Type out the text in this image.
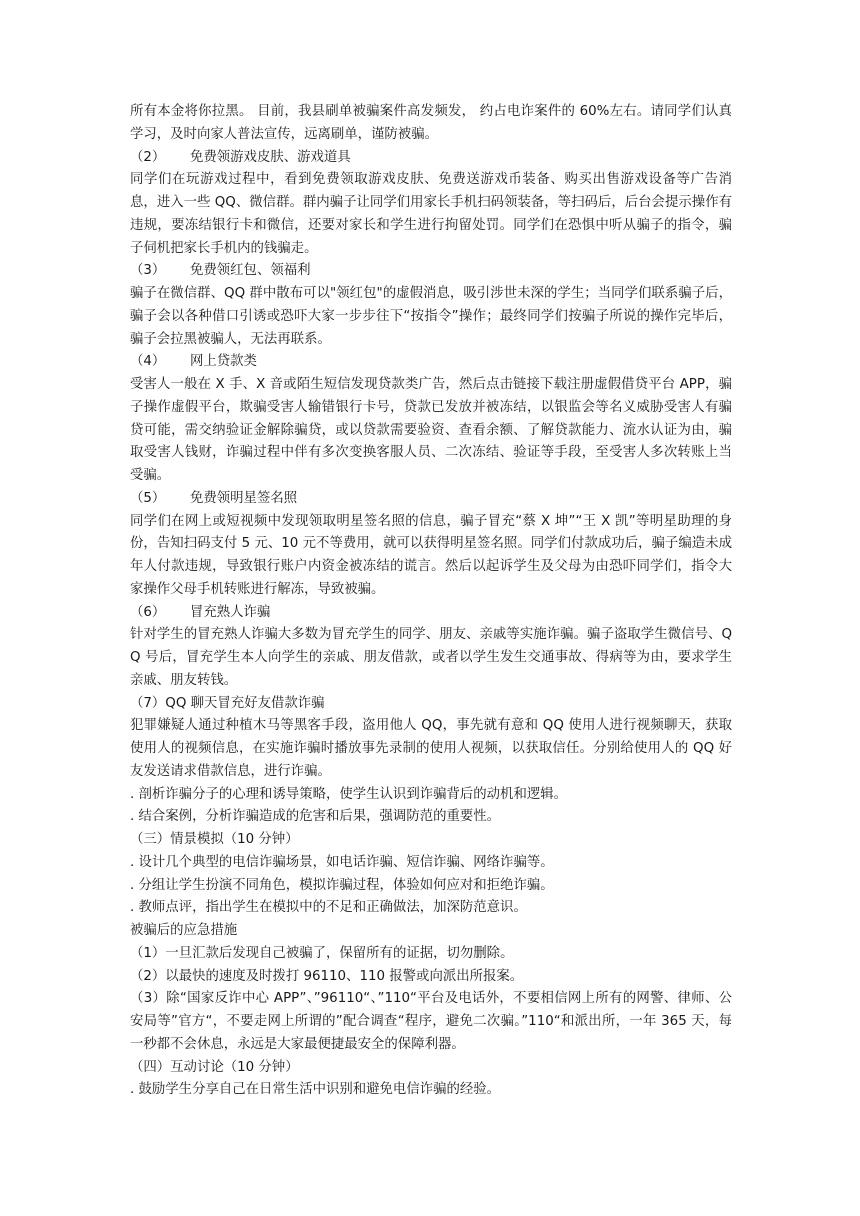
所有本金将你拉黑。 目前，我县刷单被骗案件高发频发， 约占电诈案件的 60%左右。请同学们认真学习，及时向家人普法宣传，远离刷单，谨防被骗。
（2） 免费领游戏皮肤、游戏道具
同学们在玩游戏过程中，看到免费领取游戏皮肤、免费送游戏币装备、购买出售游戏设备等广告消息，进入一些 QQ、微信群。群内骗子让同学们用家长手机扫码领装备，等扫码后，后台会提示操作有违规，要冻结银行卡和微信，还要对家长和学生进行拘留处罚。同学们在恐惧中听从骗子的指令，骗子伺机把家长手机内的钱骗走。
（3） 免费领红包、领福利
骗子在微信群、QQ 群中散布可以"领红包"的虚假消息，吸引涉世未深的学生；当同学们联系骗子后，骗子会以各种借口引诱或恐吓大家一步步往下“按指令”操作；最终同学们按骗子所说的操作完毕后，骗子会拉黑被骗人，无法再联系。
（4） 网上贷款类
受害人一般在 X 手、X 音或陌生短信发现贷款类广告，然后点击链接下载注册虚假借贷平台 APP，骗子操作虚假平台，欺骗受害人输错银行卡号，贷款已发放并被冻结，以银监会等名义威胁受害人有骗贷可能，需交纳验证金解除骗贷，或以贷款需要验资、查看余额、了解贷款能力、流水认证为由，骗取受害人钱财，诈骗过程中伴有多次变换客服人员、二次冻结、验证等手段，至受害人多次转账上当受骗。
（5） 免费领明星签名照
同学们在网上或短视频中发现领取明星签名照的信息，骗子冒充“蔡 X 坤”“王 X 凯”等明星助理的身份，告知扫码支付 5 元、10 元不等费用，就可以获得明星签名照。同学们付款成功后，骗子编造未成年人付款违规，导致银行账户内资金被冻结的谎言。然后以起诉学生及父母为由恐吓同学们，指令大家操作父母手机转账进行解冻，导致被骗。
（6） 冒充熟人诈骗
针对学生的冒充熟人诈骗大多数为冒充学生的同学、朋友、亲戚等实施诈骗。骗子盗取学生微信号、QQ 号后，冒充学生本人向学生的亲戚、朋友借款，或者以学生发生交通事故、得病等为由，要求学生亲戚、朋友转钱。
（7）QQ 聊天冒充好友借款诈骗
犯罪嫌疑人通过种植木马等黑客手段，盗用他人 QQ，事先就有意和 QQ 使用人进行视频聊天，获取使用人的视频信息，在实施诈骗时播放事先录制的使用人视频，以获取信任。分别给使用人的 QQ 好友发送请求借款信息，进行诈骗。
. 剖析诈骗分子的心理和诱导策略，使学生认识到诈骗背后的动机和逻辑。
. 结合案例，分析诈骗造成的危害和后果，强调防范的重要性。
（三）情景模拟（10 分钟）
. 设计几个典型的电信诈骗场景，如电话诈骗、短信诈骗、网络诈骗等。
. 分组让学生扮演不同角色，模拟诈骗过程，体验如何应对和拒绝诈骗。
. 教师点评，指出学生在模拟中的不足和正确做法，加深防范意识。
被骗后的应急措施
（1）一旦汇款后发现自己被骗了，保留所有的证据，切勿删除。
（2）以最快的速度及时拨打 96110、110 报警或向派出所报案。
（3）除“国家反诈中心 APP”、”96110“、”110“平台及电话外，不要相信网上所有的网警、律师、公安局等”官方“，不要走网上所谓的”配合调查“程序，避免二次骗。”110“和派出所，一年 365 天，每一秒都不会休息，永远是大家最便捷最安全的保障利器。
（四）互动讨论（10 分钟）
. 鼓励学生分享自己在日常生活中识别和避免电信诈骗的经验。
